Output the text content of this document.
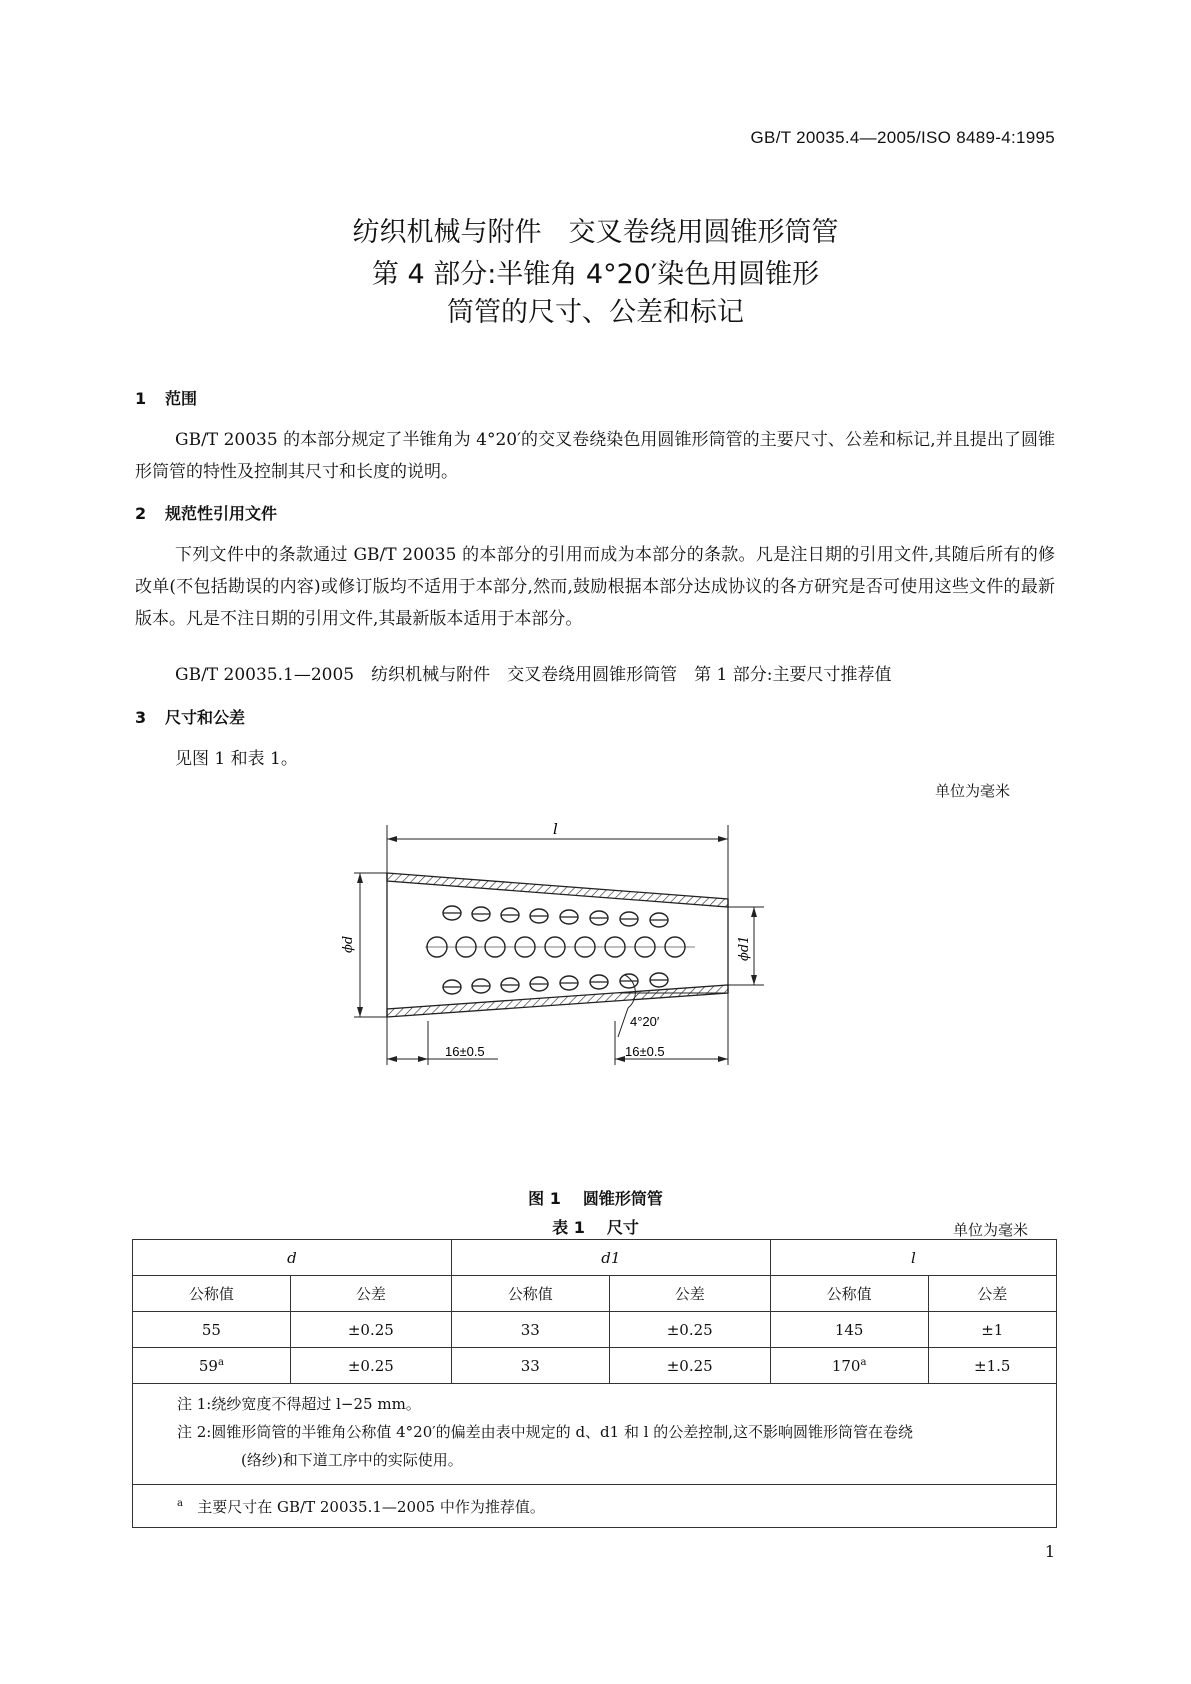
GB/T 20035.4—2005/ISO 8489-4:1995
纺织机械与附件　交叉卷绕用圆锥形筒管
第 4 部分:半锥角 4°20′染色用圆锥形
筒管的尺寸、公差和标记
1 范围

GB/T 20035 的本部分规定了半锥角为 4°20′的交叉卷绕染色用圆锥形筒管的主要尺寸、公差和标记,并且提出了圆锥形筒管的特性及控制其尺寸和长度的说明。

2 规范性引用文件

下列文件中的条款通过 GB/T 20035 的本部分的引用而成为本部分的条款。凡是注日期的引用文件,其随后所有的修改单(不包括勘误的内容)或修订版均不适用于本部分,然而,鼓励根据本部分达成协议的各方研究是否可使用这些文件的最新版本。凡是不注日期的引用文件,其最新版本适用于本部分。

GB/T 20035.1—2005　纺织机械与附件　交叉卷绕用圆锥形筒管　第 1 部分:主要尺寸推荐值
3 尺寸和公差
见图 1 和表 1。
单位为毫米
l
ϕd	ϕd1
4°20′
16±0.5	16±0.5
图 1 圆锥形筒管
表 1 尺寸	单位为毫米
d		d1		l	
公称值	公差	公称值	公差	公称值	公差
55	±0.25	33	±0.25	145	±1
$59^a$	±0.25	33	±0.25	$170^a$	±1.5

注 1:绕纱宽度不得超过 l−25 mm。
注 2:圆锥形筒管的半锥角公称值 4°20′的偏差由表中规定的 d、d1 和 l 的公差控制,这不影响圆锥形筒管在卷绕
(络纱)和下道工序中的实际使用。					

$^a$ 主要尺寸在 GB/T 20035.1—2005 中作为推荐值。					
1
